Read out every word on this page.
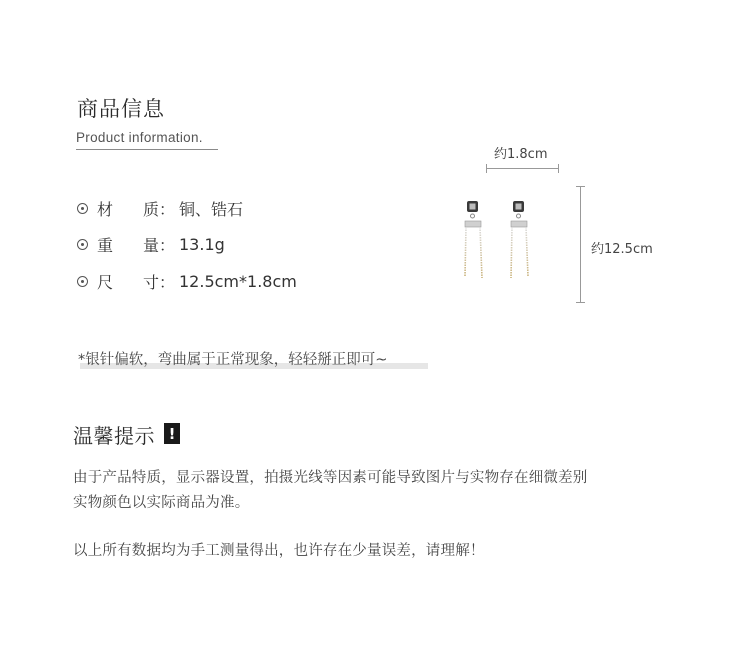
商品信息
Product information.
材	质： 铜、锆石
重	量： 13.1g
尺	寸： 12.5cm*1.8cm
约1.8cm
约12.5cm
*银针偏软，弯曲属于正常现象，轻轻掰正即可~
温馨提示 !
由于产品特质，显示器设置，拍摄光线等因素可能导致图片与实物存在细微差别
实物颜色以实际商品为准。
以上所有数据均为手工测量得出，也许存在少量误差，请理解！
